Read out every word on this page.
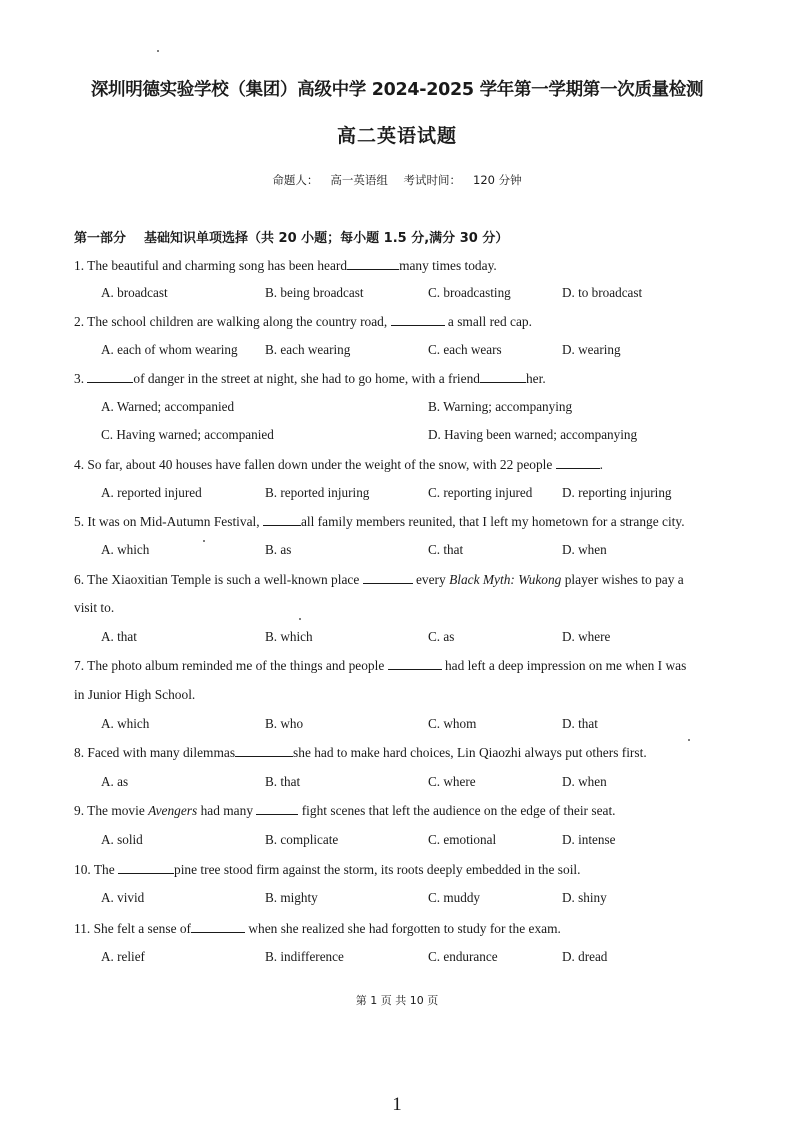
深圳明德实验学校（集团）高级中学 2024-2025 学年第一学期第一次质量检测
高二英语试题
命题人： 高一英语组 考试时间： 120 分钟
第一部分 基础知识单项选择（共 20 小题；每小题 1.5 分,满分 30 分）
1. The beautiful and charming song has been heard	many times today.
A. broadcast	B. being broadcast	C. broadcasting	D. to broadcast
2. The school children are walking along the country road,	a small red cap.
A. each of whom wearing B. each wearing	C. each wears	D. wearing
3.	of danger in the street at night, she had to go home, with a friend	her.
A. Warned; accompanied	B. Warning; accompanying
C. Having warned; accompanied	D. Having been warned; accompanying
4. So far, about 40 houses have fallen down under the weight of the snow, with 22 people	.
A. reported injured	B. reported injuring	C. reporting injured D. reporting injuring
5. It was on Mid-Autumn Festival,	all family members reunited, that I left my hometown for a strange city.
A. which	B. as	C. that	D. when
6. The Xiaoxitian Temple is such a well-known place	every Black Myth: Wukong player wishes to pay a
visit to.
A. that	B. which	C. as	D. where
7. The photo album reminded me of the things and people	had left a deep impression on me when I was
in Junior High School.
A. which	B. who	C. whom	D. that
8. Faced with many dilemmas	she had to make hard choices, Lin Qiaozhi always put others first.
A. as	B. that	C. where	D. when
9. The movie Avengers had many	fight scenes that left the audience on the edge of their seat.
A. solid	B. complicate	C. emotional	D. intense
10. The	pine tree stood firm against the storm, its roots deeply embedded in the soil.
A. vivid	B. mighty	C. muddy	D. shiny
11. She felt a sense of	when she realized she had forgotten to study for the exam.
A. relief	B. indifference	C. endurance	D. dread
第 1 页 共 10 页
1
